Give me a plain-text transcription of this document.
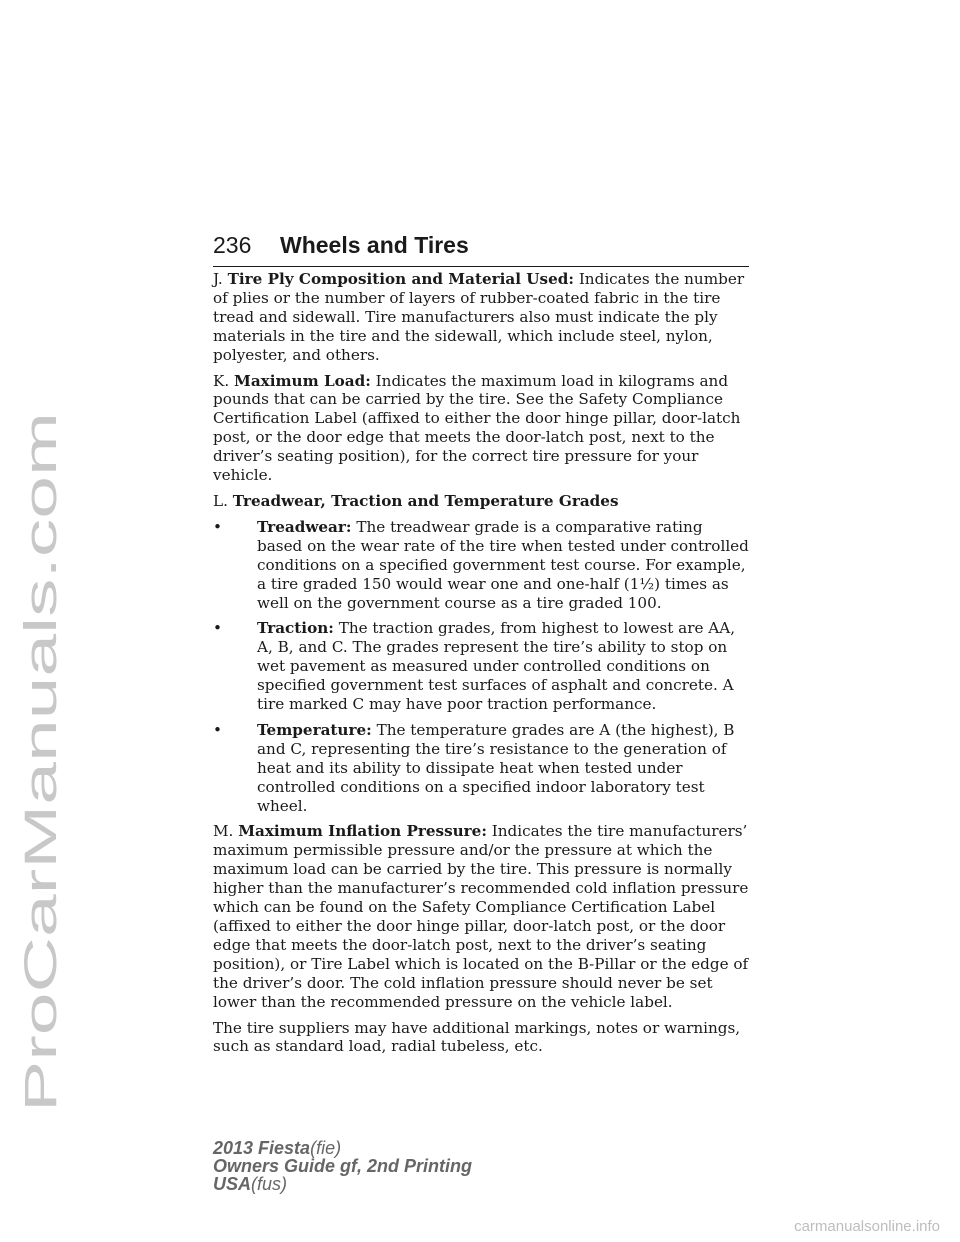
ProCarManuals.com
236 Wheels and Tires

J. Tire Ply Composition and Material Used: Indicates the number of plies or the number of layers of rubber-coated fabric in the tire tread and sidewall. Tire manufacturers also must indicate the ply materials in the tire and the sidewall, which include steel, nylon, polyester, and others.

K. Maximum Load: Indicates the maximum load in kilograms and pounds that can be carried by the tire. See the Safety Compliance Certification Label (affixed to either the door hinge pillar, door-latch post, or the door edge that meets the door-latch post, next to the driver’s seating position), for the correct tire pressure for your vehicle.

L. Treadwear, Traction and Temperature Grades

• Treadwear: The treadwear grade is a comparative rating based on the wear rate of the tire when tested under controlled conditions on a specified government test course. For example, a tire graded 150 would wear one and one-half (1½) times as well on the government course as a tire graded 100.
• Traction: The traction grades, from highest to lowest are AA, A, B, and C. The grades represent the tire’s ability to stop on wet pavement as measured under controlled conditions on specified government test surfaces of asphalt and concrete. A tire marked C may have poor traction performance.
• Temperature: The temperature grades are A (the highest), B and C, representing the tire’s resistance to the generation of heat and its ability to dissipate heat when tested under controlled conditions on a specified indoor laboratory test wheel.

M. Maximum Inflation Pressure: Indicates the tire manufacturers’ maximum permissible pressure and/or the pressure at which the maximum load can be carried by the tire. This pressure is normally higher than the manufacturer’s recommended cold inflation pressure which can be found on the Safety Compliance Certification Label (affixed to either the door hinge pillar, door-latch post, or the door edge that meets the door-latch post, next to the driver’s seating position), or Tire Label which is located on the B-Pillar or the edge of the driver’s door. The cold inflation pressure should never be set lower than the recommended pressure on the vehicle label.

The tire suppliers may have additional markings, notes or warnings, such as standard load, radial tubeless, etc.

2013 Fiesta(fie)
Owners Guide gf, 2nd Printing
USA(fus)
carmanualsonline.info
